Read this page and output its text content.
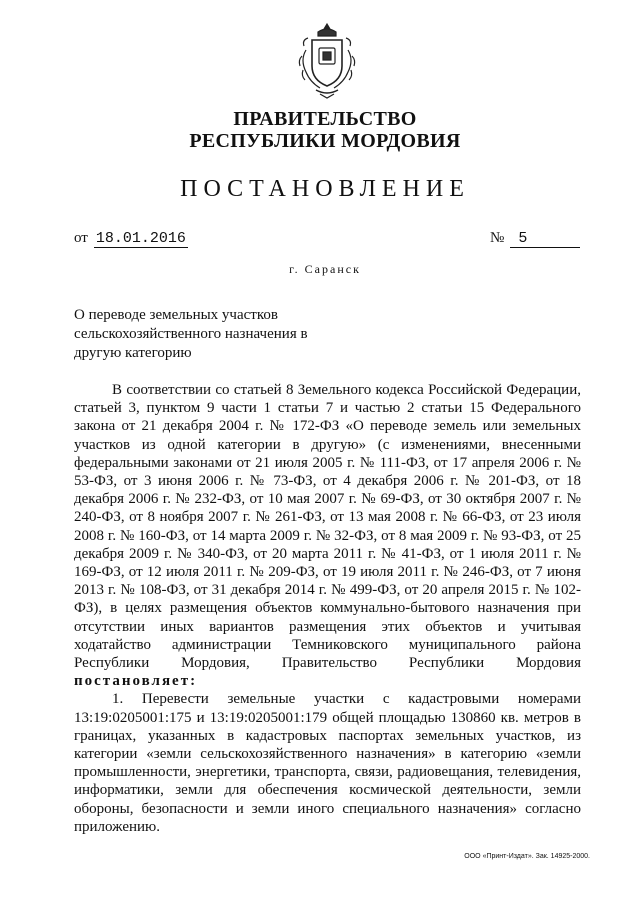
ПРАВИТЕЛЬСТВО
РЕСПУБЛИКИ МОРДОВИЯ
ПОСТАНОВЛЕНИЕ
от 18.01.2016	№ 5
г. Саранск
О переводе земельных участков
сельскохозяйственного назначения в
другую категорию

В соответствии со статьей 8 Земельного кодекса Российской Федерации, статьей 3, пунктом 9 части 1 статьи 7 и частью 2 статьи 15 Федерального закона от 21 декабря 2004 г. № 172-ФЗ «О переводе земель или земельных участков из одной категории в другую» (с изменениями, внесенными федеральными законами от 21 июля 2005 г. № 111-ФЗ, от 17 апреля 2006 г. № 53-ФЗ, от 3 июня 2006 г. № 73-ФЗ, от 4 декабря 2006 г. № 201-ФЗ, от 18 декабря 2006 г. № 232-ФЗ, от 10 мая 2007 г. № 69-ФЗ, от 30 октября 2007 г. № 240-ФЗ, от 8 ноября 2007 г. № 261-ФЗ, от 13 мая 2008 г. № 66-ФЗ, от 23 июля 2008 г. № 160-ФЗ, от 14 марта 2009 г. № 32-ФЗ, от 8 мая 2009 г. № 93-ФЗ, от 25 декабря 2009 г. № 340-ФЗ, от 20 марта 2011 г. № 41-ФЗ, от 1 июля 2011 г. № 169-ФЗ, от 12 июля 2011 г. № 209-ФЗ, от 19 июля 2011 г. № 246-ФЗ, от 7 июня 2013 г. № 108-ФЗ, от 31 декабря 2014 г. № 499-ФЗ, от 20 апреля 2015 г. № 102-ФЗ), в целях размещения объектов коммунально-бытового назначения при отсутствии иных вариантов размещения этих объектов и учитывая ходатайство администрации Темниковского муниципального района Республики Мордовия, Правительство Республики Мордовия постановляет:

1. Перевести земельные участки с кадастровыми номерами 13:19:0205001:175 и 13:19:0205001:179 общей площадью 130860 кв. метров в границах, указанных в кадастровых паспортах земельных участков, из категории «земли сельскохозяйственного назначения» в категорию «земли промышленности, энергетики, транспорта, связи, радиовещания, телевидения, информатики, земли для обеспечения космической деятельности, земли обороны, безопасности и земли иного специального назначения» согласно приложению.

ООО «Принт-Издат». Зак. 14925-2000.
